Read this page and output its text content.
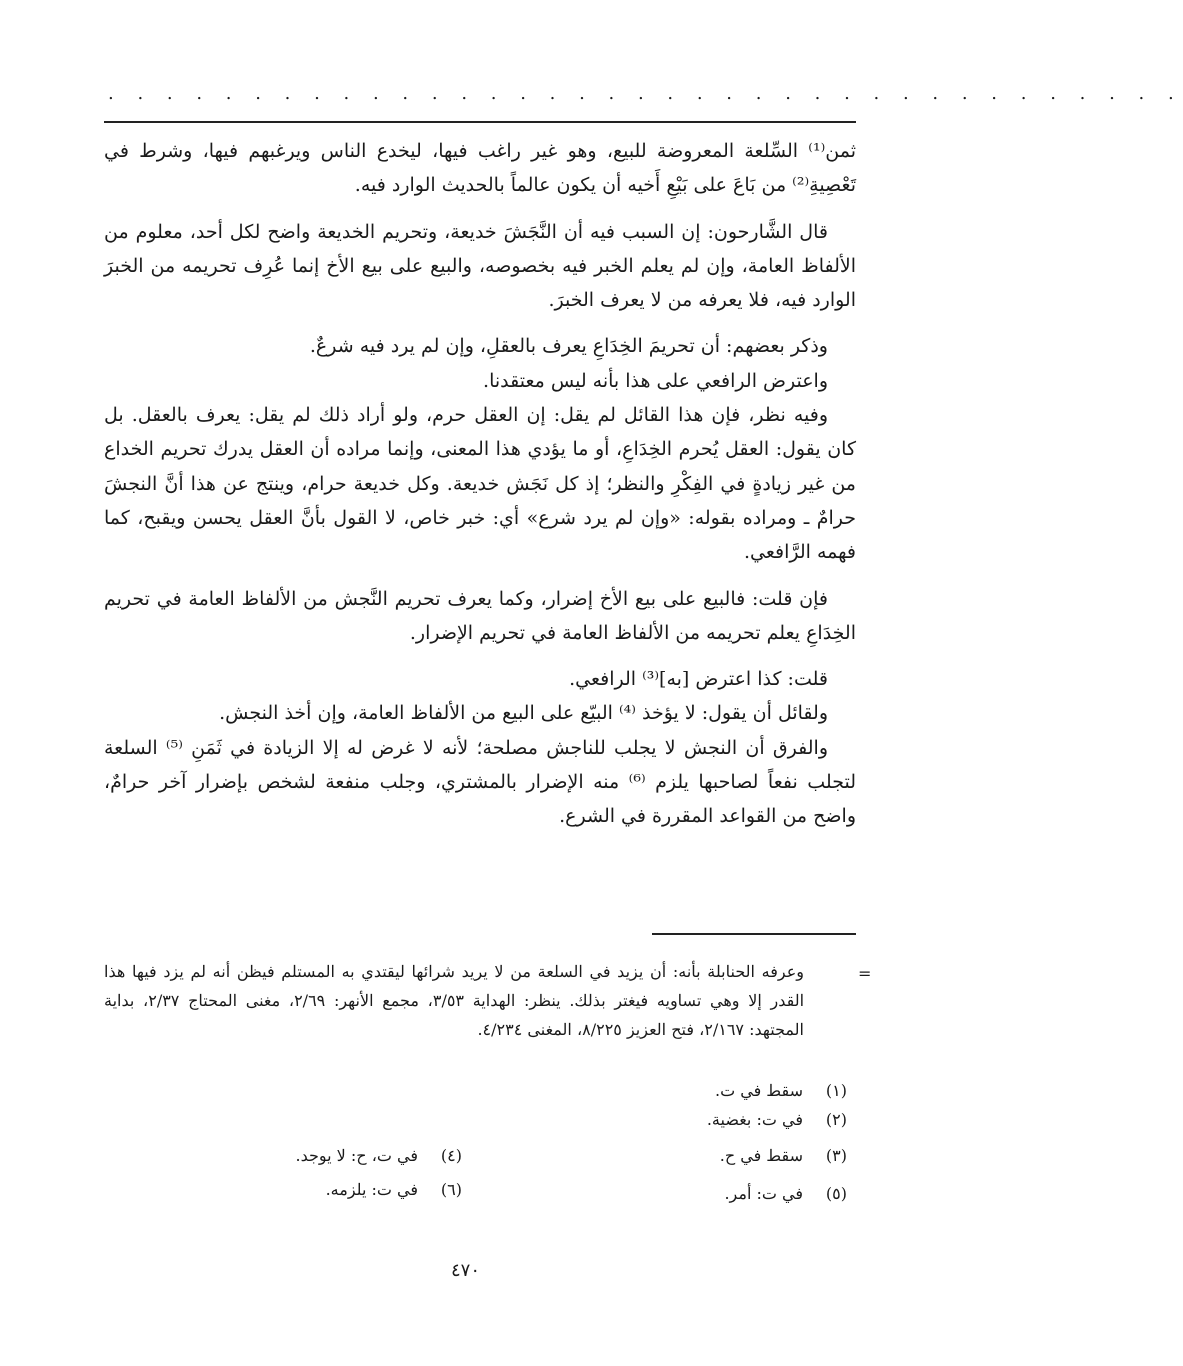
. . . . . . . . . . . . . . . . . . . . . . . . . . . . . . . . . . . . .

ثمن⁽¹⁾ السِّلعة المعروضة للبيع، وهو غير راغب فيها، ليخدع الناس ويرغبهم فيها، وشرط في تَعْصِيةِ⁽²⁾ من بَاعَ على بَيْعِ أَخيه أن يكون عالماً بالحديث الوارد فيه.

قال الشَّارحون: إن السبب فيه أن النَّجَشَ خديعة، وتحريم الخديعة واضح لكل أحد، معلوم من الألفاظ العامة، وإن لم يعلم الخبر فيه بخصوصه، والبيع على بيع الأخ إنما عُرِف تحريمه من الخبرَ الوارد فيه، فلا يعرفه من لا يعرف الخبرَ.

وذكر بعضهم: أن تحريمَ الخِدَاعِ يعرف بالعقلِ، وإن لم يرد فيه شرعٌ.

واعترض الرافعي على هذا بأنه ليس معتقدنا.

وفيه نظر، فإن هذا القائل لم يقل: إن العقل حرم، ولو أراد ذلك لم يقل: يعرف بالعقل. بل كان يقول: العقل يُحرم الخِدَاعِ، أو ما يؤدي هذا المعنى، وإنما مراده أن العقل يدرك تحريم الخداع من غير زيادةٍ في الفِكْرِ والنظر؛ إذ كل نَجَش خديعة. وكل خديعة حرام، وينتج عن هذا أنَّ النجشَ حرامٌ ـ ومراده بقوله: «وإن لم يرد شرع» أي: خبر خاص، لا القول بأنَّ العقل يحسن ويقبح، كما فهمه الرَّافعي.

فإن قلت: فالبيع على بيع الأخ إضرار، وكما يعرف تحريم النَّجش من الألفاظ العامة في تحريم الخِدَاعِ يعلم تحريمه من الألفاظ العامة في تحريم الإضرار.

قلت: كذا اعترض [به]⁽³⁾ الرافعي.

ولقائل أن يقول: لا يؤخذ ⁽⁴⁾ البيّع على البيع من الألفاظ العامة، وإن أخذ النجش.

والفرق أن النجش لا يجلب للناجش مصلحة؛ لأنه لا غرض له إلا الزيادة في ثَمَنِ ⁽⁵⁾ السلعة لتجلب نفعاً لصاحبها يلزم ⁽⁶⁾ منه الإضرار بالمشتري، وجلب منفعة لشخص بإضرار آخر حرامٌ، واضح من القواعد المقررة في الشرع.

=

وعرفه الحنابلة بأنه: أن يزيد في السلعة من لا يريد شرائها ليقتدي به المستلم فيظن أنه لم يزد فيها هذا القدر إلا وهي تساويه فيغتر بذلك. ينظر: الهداية ٣/٥٣، مجمع الأنهر: ٢/٦٩، مغنى المحتاج ٢/٣٧، بداية المجتهد: ٢/١٦٧، فتح العزيز ٨/٢٢٥، المغنى ٤/٢٣٤.

(١)سقط في ت.
(٢)في ت: بغضية.
(٣)سقط في ح.
(٤)في ت، ح: لا يوجد.
(٥)في ت: أمر.
(٦)في ت: يلزمه.
٤٧٠
